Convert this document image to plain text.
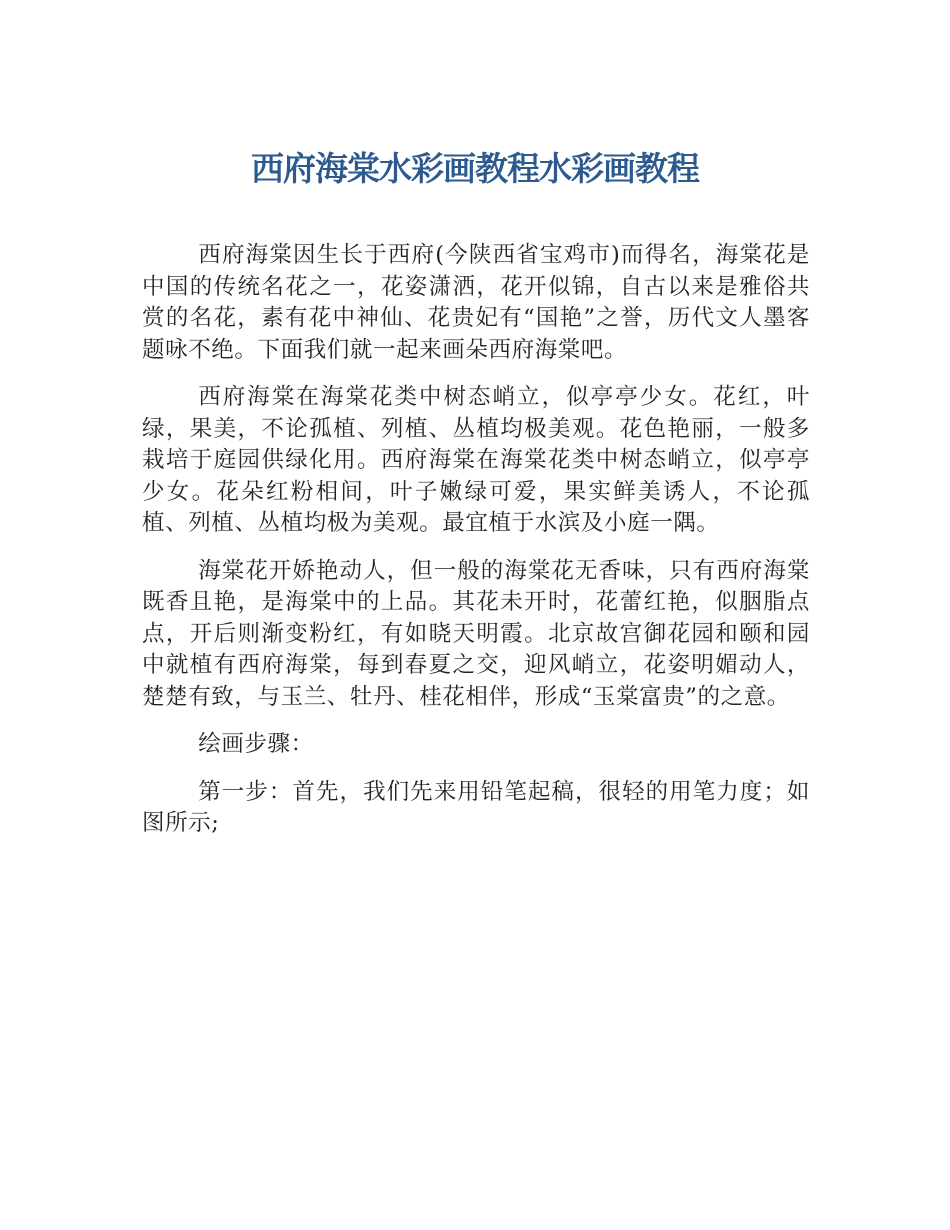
西府海棠水彩画教程水彩画教程

西府海棠因生长于西府(今陕西省宝鸡市)而得名，海棠花是中国的传统名花之一，花姿潇洒，花开似锦，自古以来是雅俗共赏的名花，素有花中神仙、花贵妃有“国艳”之誉，历代文人墨客题咏不绝。下面我们就一起来画朵西府海棠吧。

西府海棠在海棠花类中树态峭立，似亭亭少女。花红，叶绿，果美，不论孤植、列植、丛植均极美观。花色艳丽，一般多栽培于庭园供绿化用。西府海棠在海棠花类中树态峭立，似亭亭少女。花朵红粉相间，叶子嫩绿可爱，果实鲜美诱人，不论孤植、列植、丛植均极为美观。最宜植于水滨及小庭一隅。

海棠花开娇艳动人，但一般的海棠花无香味，只有西府海棠既香且艳，是海棠中的上品。其花未开时，花蕾红艳，似胭脂点点，开后则渐变粉红，有如晓天明霞。北京故宫御花园和颐和园中就植有西府海棠，每到春夏之交，迎风峭立，花姿明媚动人，楚楚有致，与玉兰、牡丹、桂花相伴，形成“玉棠富贵”的之意。

绘画步骤：

第一步：首先，我们先来用铅笔起稿，很轻的用笔力度；如图所示;
